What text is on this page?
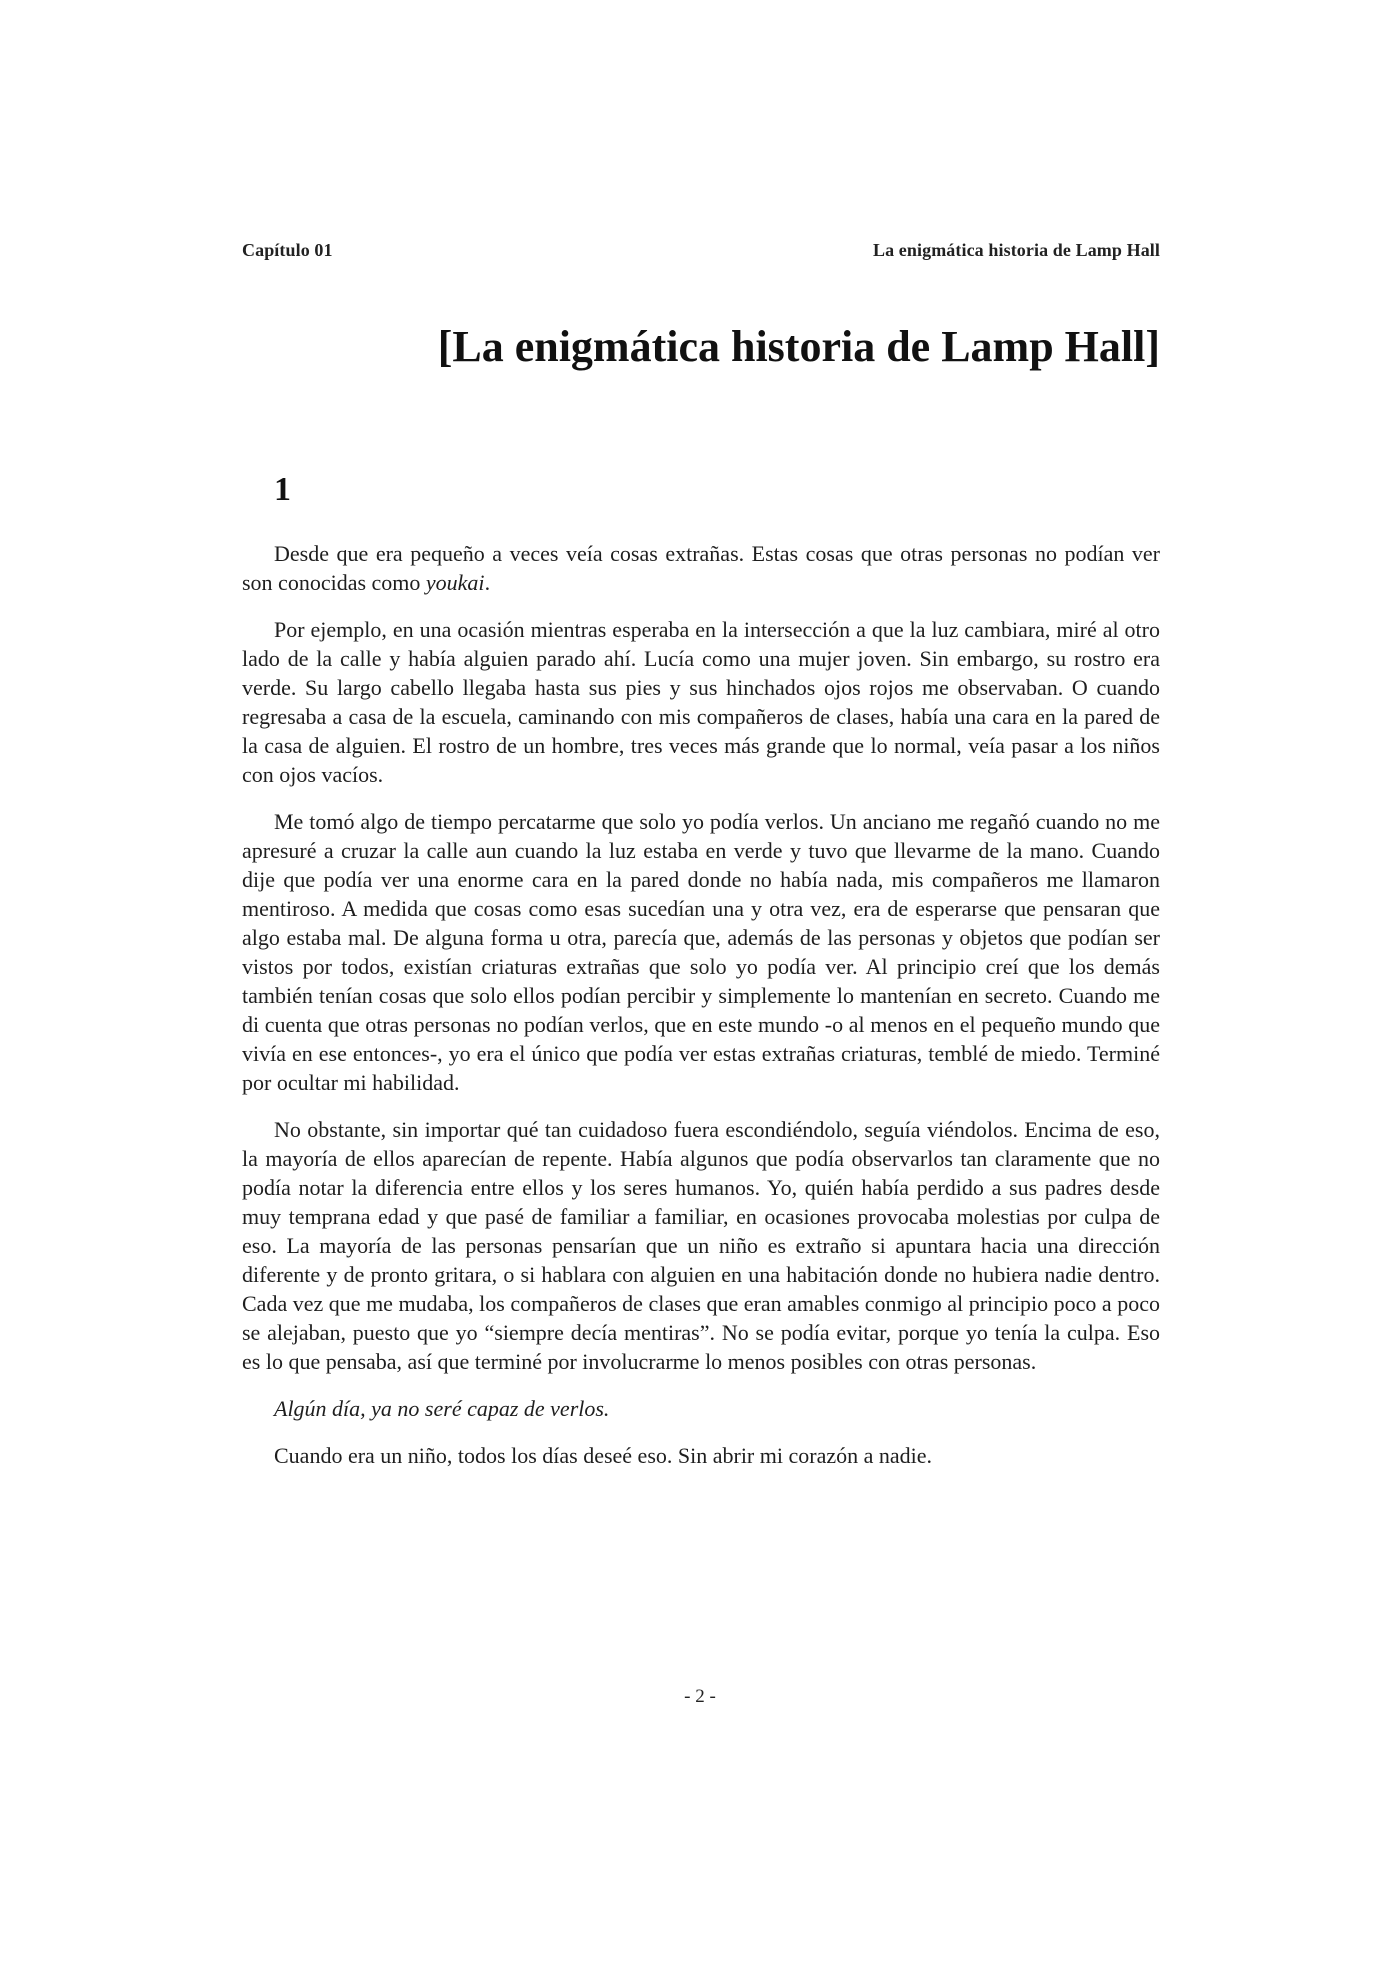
Capítulo 01	La enigmática historia de Lamp Hall
[La enigmática historia de Lamp Hall]
1

Desde que era pequeño a veces veía cosas extrañas. Estas cosas que otras personas no podían ver son conocidas como youkai.

Por ejemplo, en una ocasión mientras esperaba en la intersección a que la luz cambiara, miré al otro lado de la calle y había alguien parado ahí. Lucía como una mujer joven. Sin embargo, su rostro era verde. Su largo cabello llegaba hasta sus pies y sus hinchados ojos rojos me observaban. O cuando regresaba a casa de la escuela, caminando con mis compañeros de clases, había una cara en la pared de la casa de alguien. El rostro de un hombre, tres veces más grande que lo normal, veía pasar a los niños con ojos vacíos.

Me tomó algo de tiempo percatarme que solo yo podía verlos. Un anciano me regañó cuando no me apresuré a cruzar la calle aun cuando la luz estaba en verde y tuvo que llevarme de la mano. Cuando dije que podía ver una enorme cara en la pared donde no había nada, mis compañeros me llamaron mentiroso. A medida que cosas como esas sucedían una y otra vez, era de esperarse que pensaran que algo estaba mal. De alguna forma u otra, parecía que, además de las personas y objetos que podían ser vistos por todos, existían criaturas extrañas que solo yo podía ver. Al principio creí que los demás también tenían cosas que solo ellos podían percibir y simplemente lo mantenían en secreto. Cuando me di cuenta que otras personas no podían verlos, que en este mundo -o al menos en el pequeño mundo que vivía en ese entonces-, yo era el único que podía ver estas extrañas criaturas, temblé de miedo. Terminé por ocultar mi habilidad.

No obstante, sin importar qué tan cuidadoso fuera escondiéndolo, seguía viéndolos. Encima de eso, la mayoría de ellos aparecían de repente. Había algunos que podía observarlos tan claramente que no podía notar la diferencia entre ellos y los seres humanos. Yo, quién había perdido a sus padres desde muy temprana edad y que pasé de familiar a familiar, en ocasiones provocaba molestias por culpa de eso. La mayoría de las personas pensarían que un niño es extraño si apuntara hacia una dirección diferente y de pronto gritara, o si hablara con alguien en una habitación donde no hubiera nadie dentro. Cada vez que me mudaba, los compañeros de clases que eran amables conmigo al principio poco a poco se alejaban, puesto que yo “siempre decía mentiras”. No se podía evitar, porque yo tenía la culpa. Eso es lo que pensaba, así que terminé por involucrarme lo menos posibles con otras personas.

Algún día, ya no seré capaz de verlos.

Cuando era un niño, todos los días deseé eso. Sin abrir mi corazón a nadie.

- 2 -
